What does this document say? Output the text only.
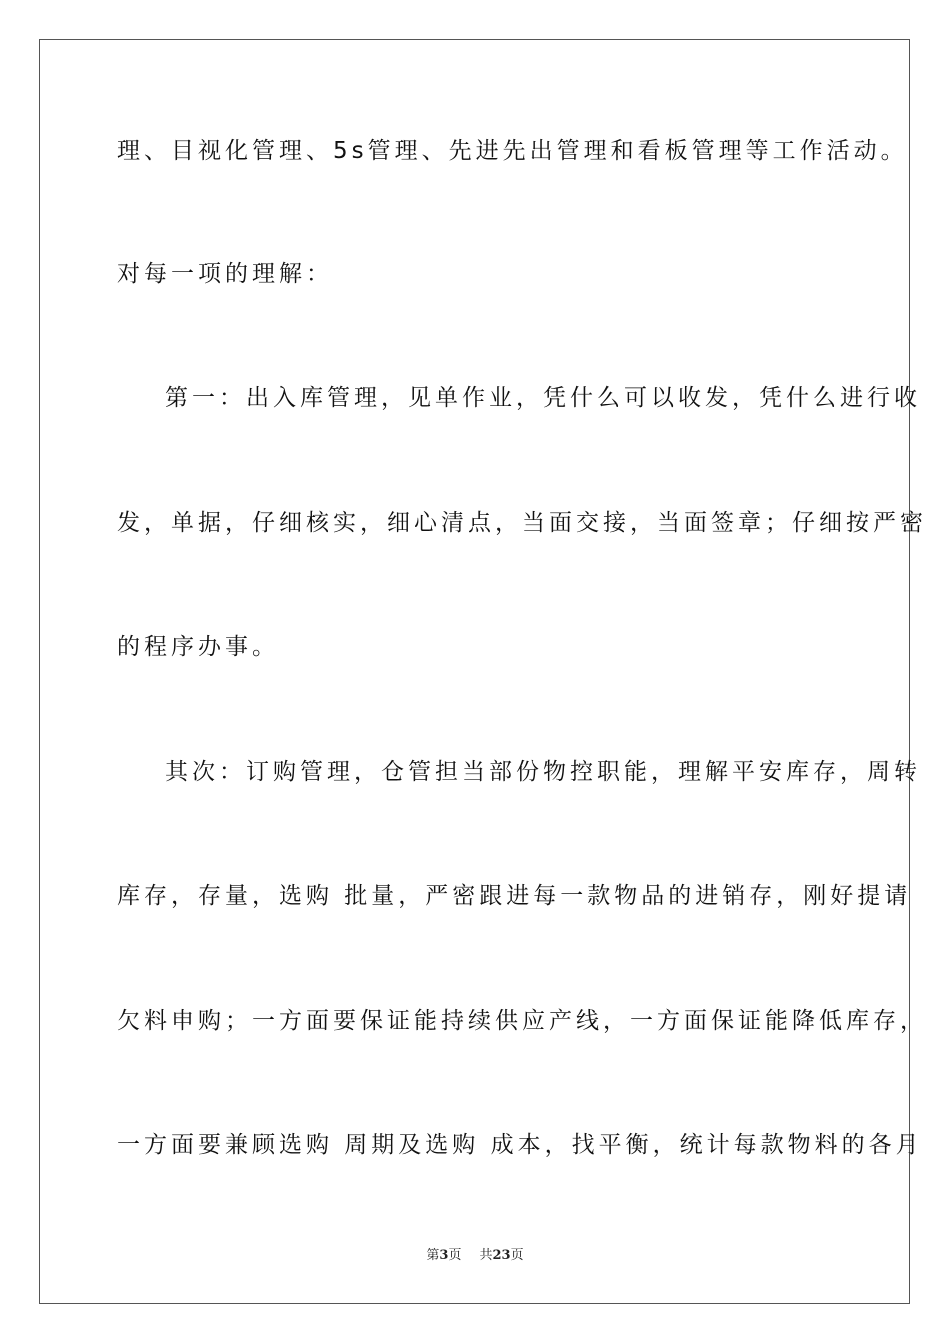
理、目视化管理、5s管理、先进先出管理和看板管理等工作活动。
对每一项的理解：
第一：出入库管理，见单作业，凭什么可以收发，凭什么进行收
发，单据，仔细核实，细心清点，当面交接，当面签章；仔细按严密
的程序办事。
其次：订购管理，仓管担当部份物控职能，理解平安库存，周转
库存，存量，选购 批量，严密跟进每一款物品的进销存，刚好提请
欠料申购；一方面要保证能持续供应产线，一方面保证能降低库存，
一方面要兼顾选购 周期及选购 成本，找平衡，统计每款物料的各月
第3页 共23页
